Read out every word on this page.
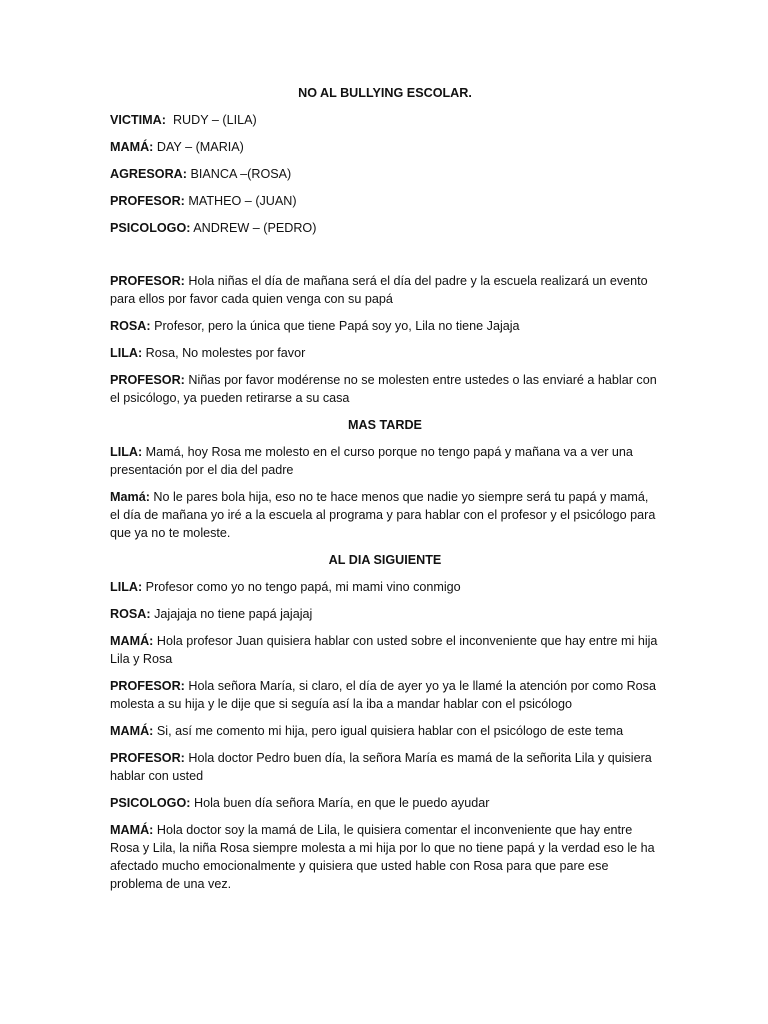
NO AL BULLYING ESCOLAR.
VICTIMA:  RUDY – (LILA)
MAMÁ: DAY – (MARIA)
AGRESORA: BIANCA –(ROSA)
PROFESOR: MATHEO – (JUAN)
PSICOLOGO: ANDREW – (PEDRO)

PROFESOR: Hola niñas el día de mañana será el día del padre y la escuela realizará un evento para ellos por favor cada quien venga con su papá

ROSA: Profesor, pero la única que tiene Papá soy yo, Lila no tiene Jajaja

LILA: Rosa, No molestes por favor

PROFESOR: Niñas por favor modérense no se molesten entre ustedes o las enviaré a hablar con el psicólogo, ya pueden retirarse a su casa

MAS TARDE

LILA: Mamá, hoy Rosa me molesto en el curso porque no tengo papá y mañana va a ver una presentación por el dia del padre

Mamá: No le pares bola hija, eso no te hace menos que nadie yo siempre será tu papá y mamá, el día de mañana yo iré a la escuela al programa y para hablar con el profesor y el psicólogo para que ya no te moleste.

AL DIA SIGUIENTE

LILA: Profesor como yo no tengo papá, mi mami vino conmigo

ROSA: Jajajaja no tiene papá jajajaj

MAMÁ: Hola profesor Juan quisiera hablar con usted sobre el inconveniente que hay entre mi hija Lila y Rosa

PROFESOR: Hola señora María, si claro, el día de ayer yo ya le llamé la atención por como Rosa molesta a su hija y le dije que si seguía así la iba a mandar hablar con el psicólogo

MAMÁ: Si, así me comento mi hija, pero igual quisiera hablar con el psicólogo de este tema

PROFESOR: Hola doctor Pedro buen día, la señora María es mamá de la señorita Lila y quisiera hablar con usted

PSICOLOGO: Hola buen día señora María, en que le puedo ayudar

MAMÁ: Hola doctor soy la mamá de Lila, le quisiera comentar el inconveniente que hay entre Rosa y Lila, la niña Rosa siempre molesta a mi hija por lo que no tiene papá y la verdad eso le ha afectado mucho emocionalmente y quisiera que usted hable con Rosa para que pare ese problema de una vez.
